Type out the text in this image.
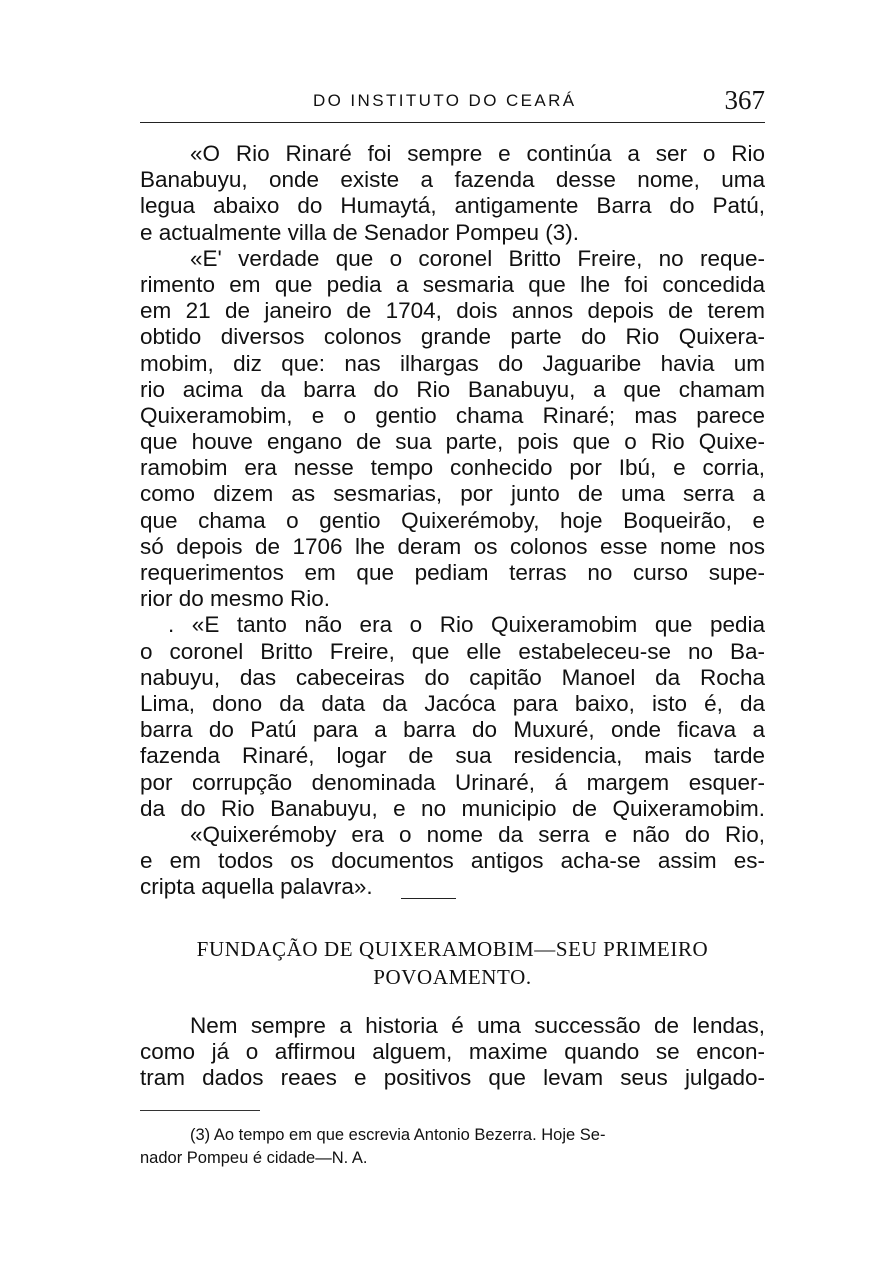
DO INSTITUTO DO CEARÁ	367
«O Rio Rinaré foi sempre e continúa a ser o Rio
Banabuyu, onde existe a fazenda desse nome, uma
legua abaixo do Humaytá, antigamente Barra do Patú,
e actualmente villa de Senador Pompeu (3).
«E' verdade que o coronel Britto Freire, no reque-
rimento em que pedia a sesmaria que lhe foi concedida
em 21 de janeiro de 1704, dois annos depois de terem
obtido diversos colonos grande parte do Rio Quixera-
mobim, diz que: nas ilhargas do Jaguaribe havia um
rio acima da barra do Rio Banabuyu, a que chamam
Quixeramobim, e o gentio chama Rinaré; mas parece
que houve engano de sua parte, pois que o Rio Quixe-
ramobim era nesse tempo conhecido por Ibú, e corria,
como dizem as sesmarias, por junto de uma serra a
que chama o gentio Quixerémoby, hoje Boqueirão, e
só depois de 1706 lhe deram os colonos esse nome nos
requerimentos em que pediam terras no curso supe-
rior do mesmo Rio.
. «E tanto não era o Rio Quixeramobim que pedia
o coronel Britto Freire, que elle estabeleceu-se no Ba-
nabuyu, das cabeceiras do capitão Manoel da Rocha
Lima, dono da data da Jacóca para baixo, isto é, da
barra do Patú para a barra do Muxuré, onde ficava a
fazenda Rinaré, logar de sua residencia, mais tarde
por corrupção denominada Urinaré, á margem esquer-
da do Rio Banabuyu, e no municipio de Quixeramobim.
«Quixerémoby era o nome da serra e não do Rio,
e em todos os documentos antigos acha-se assim es-
cripta aquella palavra».
FUNDAÇÃO DE QUIXERAMOBIM—SEU PRIMEIRO
POVOAMENTO.
Nem sempre a historia é uma successão de lendas,
como já o affirmou alguem, maxime quando se encon-
tram dados reaes e positivos que levam seus julgado-
(3) Ao tempo em que escrevia Antonio Bezerra. Hoje Se-
nador Pompeu é cidade—N. A.
